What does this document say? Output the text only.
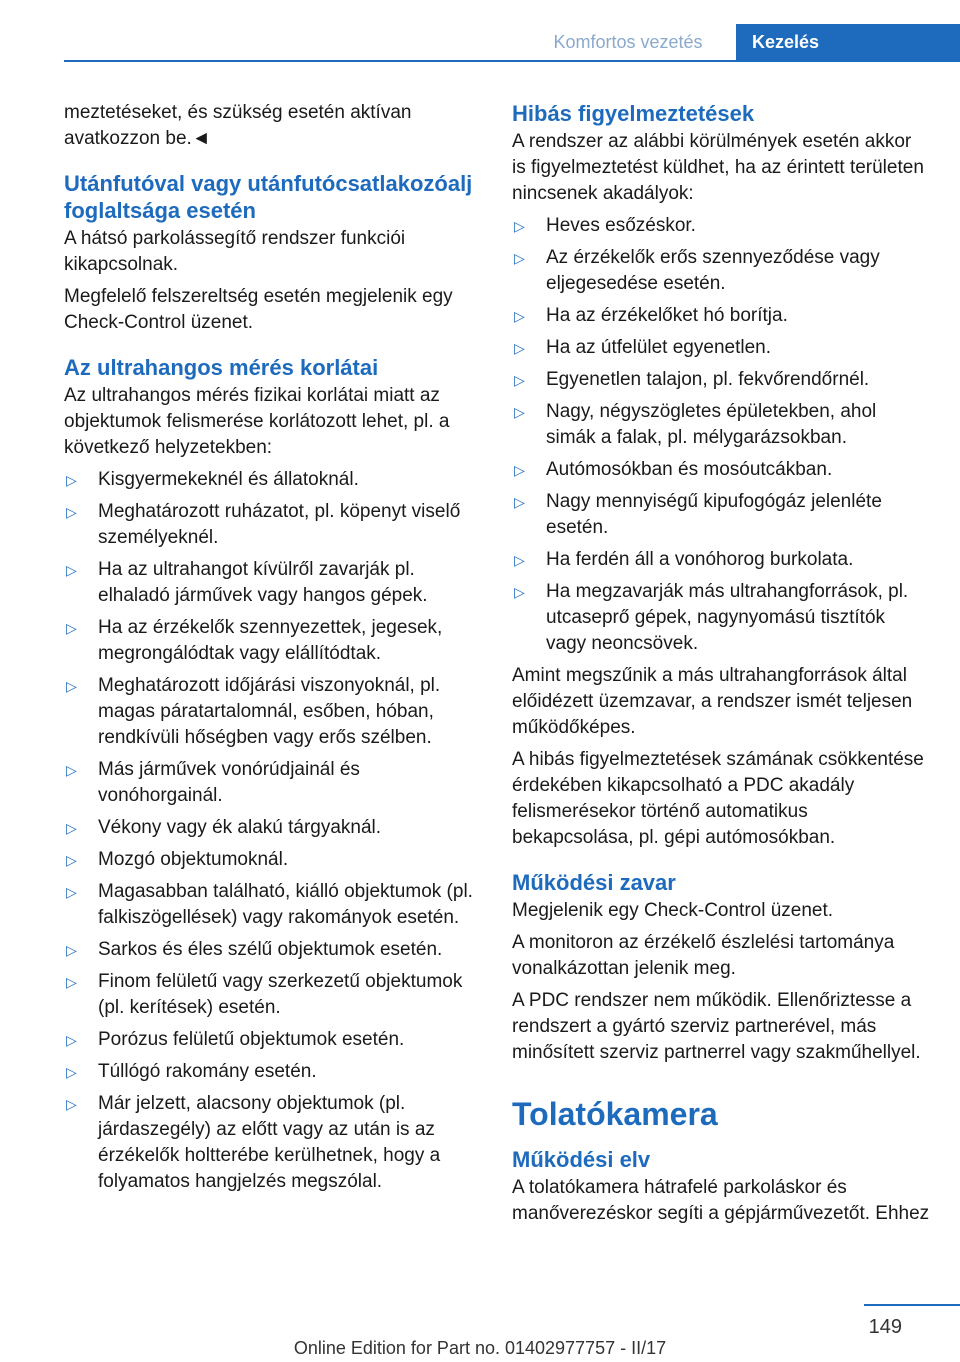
Komfortos vezetés	Kezelés

meztetéseket, és szükség esetén aktívan avatkozzon be.◄

Utánfutóval vagy utánfutócsatlakozóalj foglaltsága esetén

A hátsó parkolássegítő rendszer funkciói kikapcsolnak.

Megfelelő felszereltség esetén megjelenik egy Check-Control üzenet.

Az ultrahangos mérés korlátai

Az ultrahangos mérés fizikai korlátai miatt az objektumok felismerése korlátozott lehet, pl. a következő helyzetekben:

▷ Kisgyermekeknél és állatoknál.
▷ Meghatározott ruházatot, pl. köpenyt viselő személyeknél.
▷ Ha az ultrahangot kívülről zavarják pl. elhaladó járművek vagy hangos gépek.
▷ Ha az érzékelők szennyezettek, jegesek, megrongálódtak vagy elállítódtak.
▷ Meghatározott időjárási viszonyoknál, pl. magas páratartalomnál, esőben, hóban, rendkívüli hőségben vagy erős szélben.
▷ Más járművek vonórúdjainál és vonóhorgainál.
▷ Vékony vagy ék alakú tárgyaknál.
▷ Mozgó objektumoknál.
▷ Magasabban található, kiálló objektumok (pl. falkiszögellések) vagy rakományok esetén.
▷ Sarkos és éles szélű objektumok esetén.
▷ Finom felületű vagy szerkezetű objektumok (pl. kerítések) esetén.
▷ Porózus felületű objektumok esetén.
▷ Túllógó rakomány esetén.
▷ Már jelzett, alacsony objektumok (pl. járdaszegély) az előtt vagy az után is az érzékelők holtterébe kerülhetnek, hogy a folyamatos hangjelzés megszólal.
Hibás figyelmeztetések

A rendszer az alábbi körülmények esetén akkor is figyelmeztetést küldhet, ha az érintett területen nincsenek akadályok:

▷ Heves esőzéskor.
▷ Az érzékelők erős szennyeződése vagy eljegesedése esetén.
▷ Ha az érzékelőket hó borítja.
▷ Ha az útfelület egyenetlen.
▷ Egyenetlen talajon, pl. fekvőrendőrnél.
▷ Nagy, négyszögletes épületekben, ahol simák a falak, pl. mélygarázsokban.
▷ Autómosókban és mosóutcákban.
▷ Nagy mennyiségű kipufogógáz jelenléte esetén.
▷ Ha ferdén áll a vonóhorog burkolata.
▷ Ha megzavarják más ultrahangforrások, pl. utcaseprő gépek, nagynyomású tisztítók vagy neoncsövek.

Amint megszűnik a más ultrahangforrások által előidézett üzemzavar, a rendszer ismét teljesen működőképes.

A hibás figyelmeztetések számának csökkentése érdekében kikapcsolható a PDC akadály felismerésekor történő automatikus bekapcsolása, pl. gépi autómosókban.

Működési zavar

Megjelenik egy Check-Control üzenet.

A monitoron az érzékelő észlelési tartománya vonalkázottan jelenik meg.

A PDC rendszer nem működik. Ellenőriztesse a rendszert a gyártó szerviz partnerével, más minősített szerviz partnerrel vagy szakműhellyel.

Tolatókamera
Működési elv

A tolatókamera hátrafelé parkoláskor és manőverezéskor segíti a gépjárművezetőt. Ehhez

149
Online Edition for Part no. 01402977757 - II/17
